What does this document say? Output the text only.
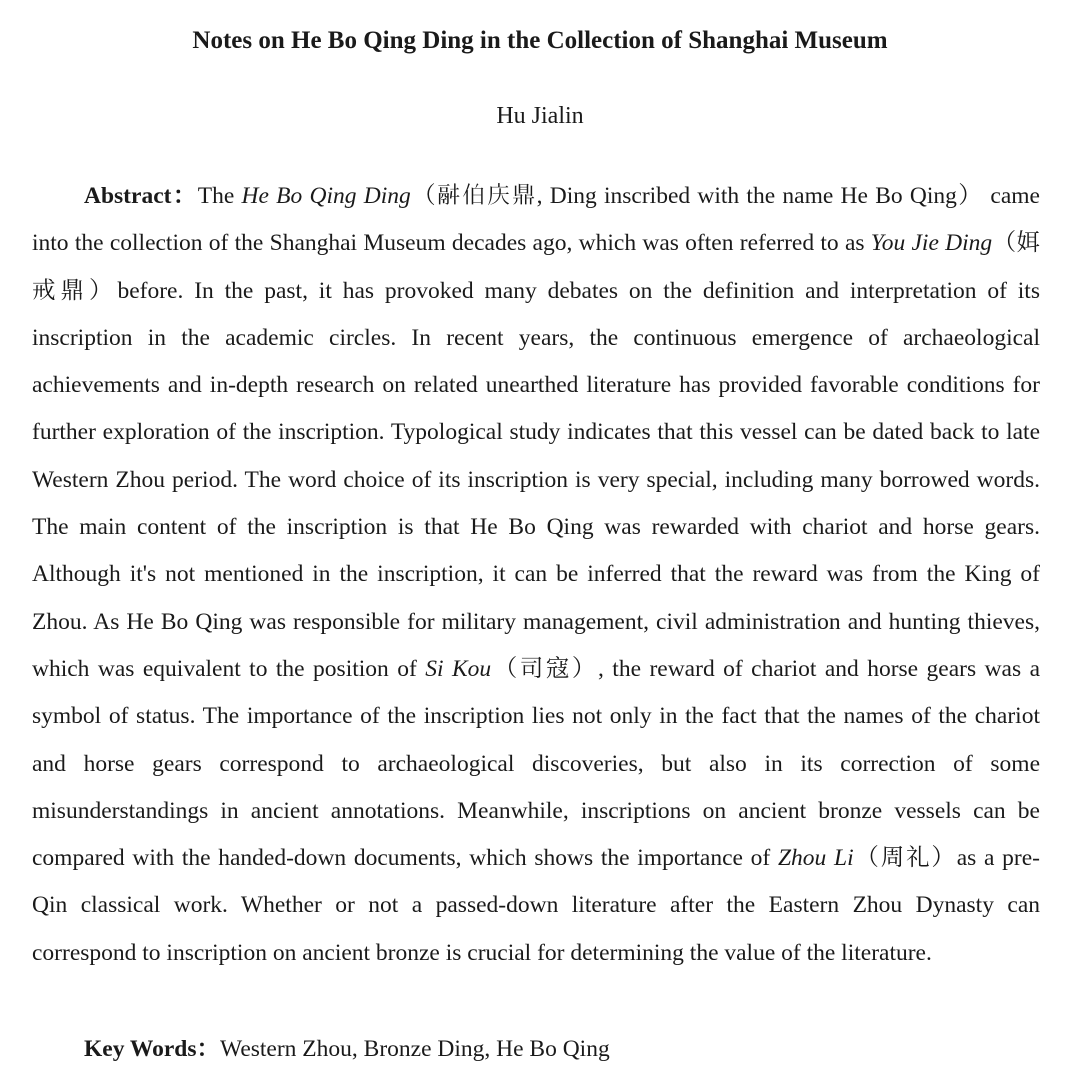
Notes on He Bo Qing Ding in the Collection of Shanghai Museum

Hu Jialin

Abstract：The He Bo Qing Ding（𩰫伯庆鼎, Ding inscribed with the name He Bo Qing） came into the collection of the Shanghai Museum decades ago, which was often referred to as You Jie Ding（㛅戒鼎）before. In the past, it has provoked many debates on the definition and interpretation of its inscription in the academic circles. In recent years, the continuous emergence of archaeological achievements and in-depth research on related unearthed literature has provided favorable conditions for further exploration of the inscription. Typological study indicates that this vessel can be dated back to late Western Zhou period. The word choice of its inscription is very special, including many borrowed words. The main content of the inscription is that He Bo Qing was rewarded with chariot and horse gears. Although it's not mentioned in the inscription, it can be inferred that the reward was from the King of Zhou. As He Bo Qing was responsible for military management, civil administration and hunting thieves, which was equivalent to the position of Si Kou（司寇）, the reward of chariot and horse gears was a symbol of status. The importance of the inscription lies not only in the fact that the names of the chariot and horse gears correspond to archaeological discoveries, but also in its correction of some misunderstandings in ancient annotations. Meanwhile, inscriptions on ancient bronze vessels can be compared with the handed-down documents, which shows the importance of Zhou Li（周礼）as a pre-Qin classical work. Whether or not a passed-down literature after the Eastern Zhou Dynasty can correspond to inscription on ancient bronze is crucial for determining the value of the literature.

Key Words：Western Zhou, Bronze Ding, He Bo Qing
